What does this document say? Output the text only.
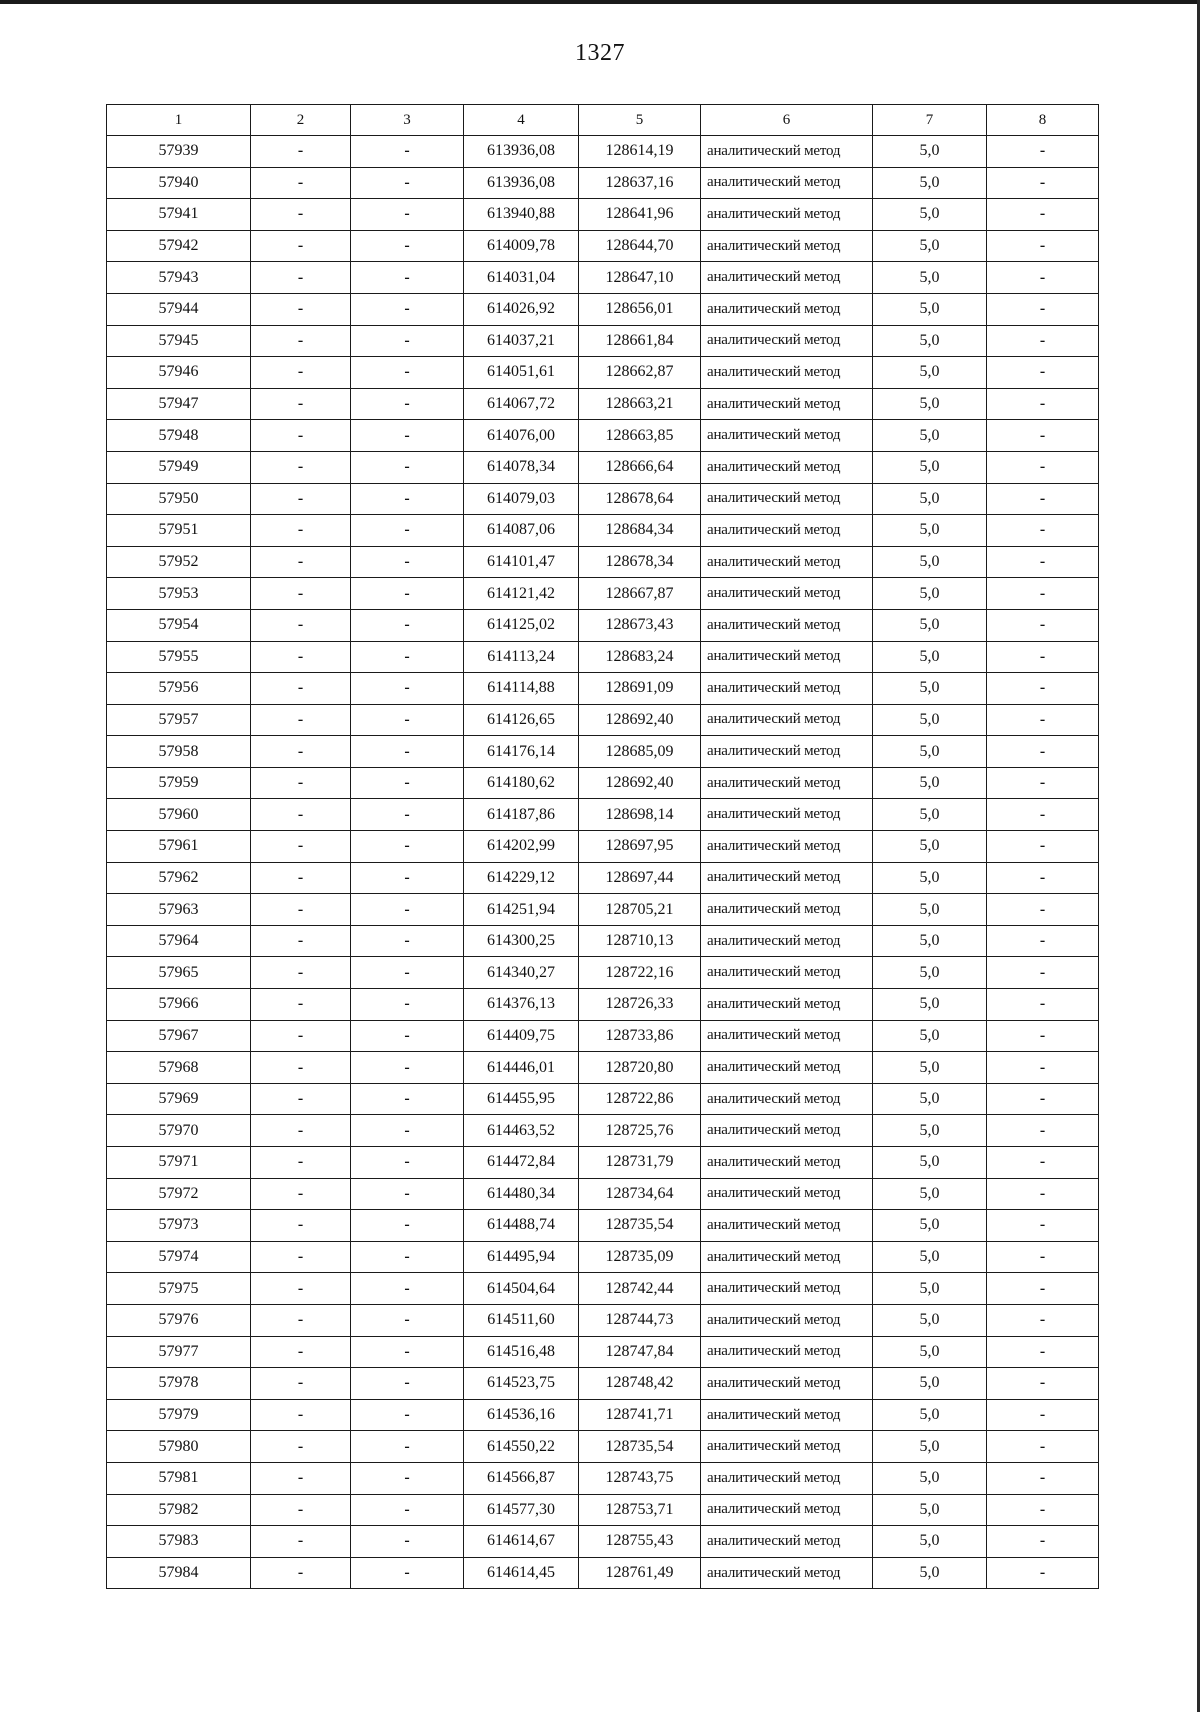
1327
1	2	3	4	5	6	7	8
57939	-	-	613936,08	128614,19	аналитический метод	5,0	-
57940	-	-	613936,08	128637,16	аналитический метод	5,0	-
57941	-	-	613940,88	128641,96	аналитический метод	5,0	-
57942	-	-	614009,78	128644,70	аналитический метод	5,0	-
57943	-	-	614031,04	128647,10	аналитический метод	5,0	-
57944	-	-	614026,92	128656,01	аналитический метод	5,0	-
57945	-	-	614037,21	128661,84	аналитический метод	5,0	-
57946	-	-	614051,61	128662,87	аналитический метод	5,0	-
57947	-	-	614067,72	128663,21	аналитический метод	5,0	-
57948	-	-	614076,00	128663,85	аналитический метод	5,0	-
57949	-	-	614078,34	128666,64	аналитический метод	5,0	-
57950	-	-	614079,03	128678,64	аналитический метод	5,0	-
57951	-	-	614087,06	128684,34	аналитический метод	5,0	-
57952	-	-	614101,47	128678,34	аналитический метод	5,0	-
57953	-	-	614121,42	128667,87	аналитический метод	5,0	-
57954	-	-	614125,02	128673,43	аналитический метод	5,0	-
57955	-	-	614113,24	128683,24	аналитический метод	5,0	-
57956	-	-	614114,88	128691,09	аналитический метод	5,0	-
57957	-	-	614126,65	128692,40	аналитический метод	5,0	-
57958	-	-	614176,14	128685,09	аналитический метод	5,0	-
57959	-	-	614180,62	128692,40	аналитический метод	5,0	-
57960	-	-	614187,86	128698,14	аналитический метод	5,0	-
57961	-	-	614202,99	128697,95	аналитический метод	5,0	-
57962	-	-	614229,12	128697,44	аналитический метод	5,0	-
57963	-	-	614251,94	128705,21	аналитический метод	5,0	-
57964	-	-	614300,25	128710,13	аналитический метод	5,0	-
57965	-	-	614340,27	128722,16	аналитический метод	5,0	-
57966	-	-	614376,13	128726,33	аналитический метод	5,0	-
57967	-	-	614409,75	128733,86	аналитический метод	5,0	-
57968	-	-	614446,01	128720,80	аналитический метод	5,0	-
57969	-	-	614455,95	128722,86	аналитический метод	5,0	-
57970	-	-	614463,52	128725,76	аналитический метод	5,0	-
57971	-	-	614472,84	128731,79	аналитический метод	5,0	-
57972	-	-	614480,34	128734,64	аналитический метод	5,0	-
57973	-	-	614488,74	128735,54	аналитический метод	5,0	-
57974	-	-	614495,94	128735,09	аналитический метод	5,0	-
57975	-	-	614504,64	128742,44	аналитический метод	5,0	-
57976	-	-	614511,60	128744,73	аналитический метод	5,0	-
57977	-	-	614516,48	128747,84	аналитический метод	5,0	-
57978	-	-	614523,75	128748,42	аналитический метод	5,0	-
57979	-	-	614536,16	128741,71	аналитический метод	5,0	-
57980	-	-	614550,22	128735,54	аналитический метод	5,0	-
57981	-	-	614566,87	128743,75	аналитический метод	5,0	-
57982	-	-	614577,30	128753,71	аналитический метод	5,0	-
57983	-	-	614614,67	128755,43	аналитический метод	5,0	-
57984	-	-	614614,45	128761,49	аналитический метод	5,0	-
